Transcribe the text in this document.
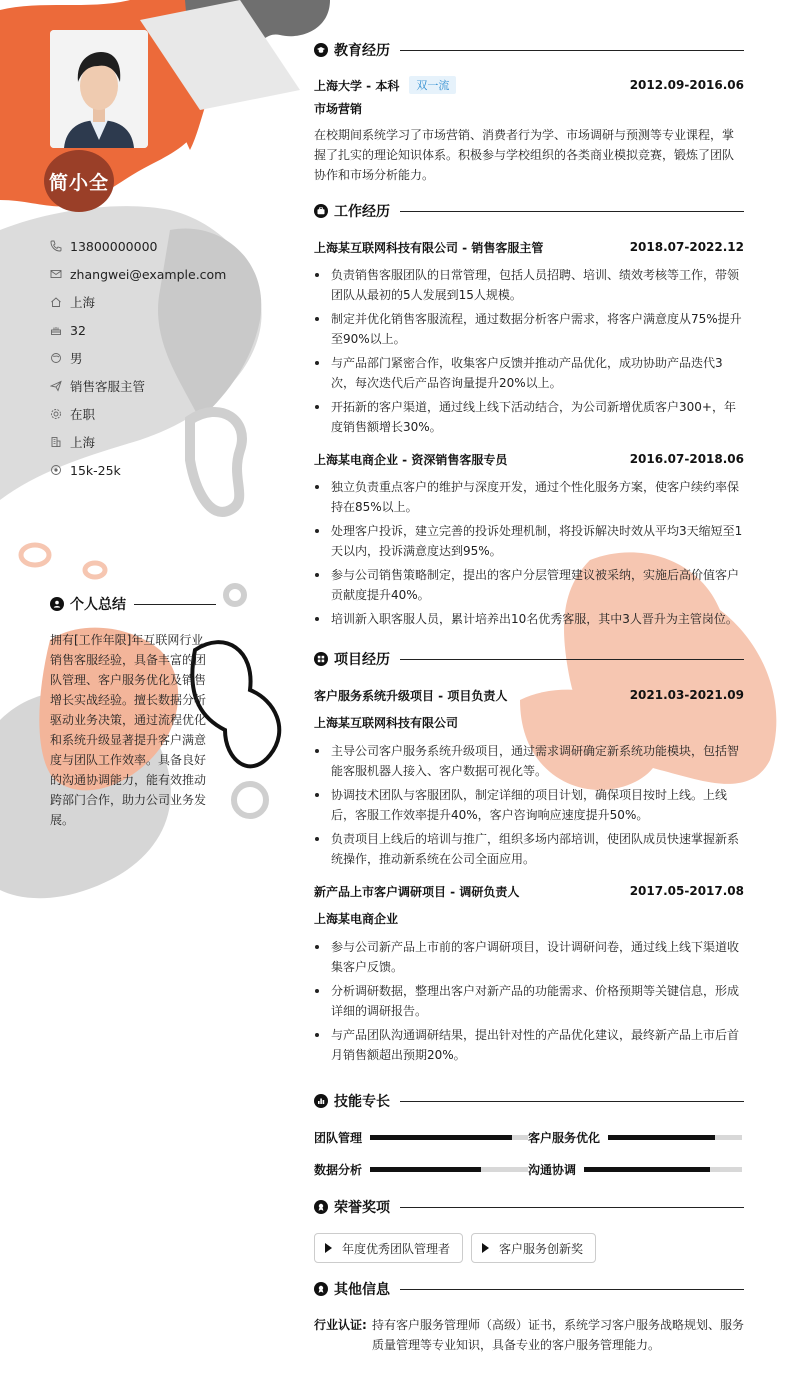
简小全
13800000000
zhangwei@example.com
上海
32
男
销售客服主管
在职
上海
15k-25k
个人总结

拥有[工作年限]年互联网行业销售客服经验，具备丰富的团队管理、客户服务优化及销售增长实战经验。擅长数据分析驱动业务决策，通过流程优化和系统升级显著提升客户满意度与团队工作效率。具备良好的沟通协调能力，能有效推动跨部门合作，助力公司业务发展。

教育经历
上海大学 - 本科	双一流	2012.09-2016.06
市场营销

在校期间系统学习了市场营销、消费者行为学、市场调研与预测等专业课程，掌握了扎实的理论知识体系。积极参与学校组织的各类商业模拟竞赛，锻炼了团队协作和市场分析能力。

工作经历
上海某互联网科技有限公司 - 销售客服主管	2018.07-2022.12
负责销售客服团队的日常管理，包括人员招聘、培训、绩效考核等工作，带领团队从最初的5人发展到15人规模。
制定并优化销售客服流程，通过数据分析客户需求，将客户满意度从75%提升至90%以上。
与产品部门紧密合作，收集客户反馈并推动产品优化，成功协助产品迭代3次，每次迭代后产品咨询量提升20%以上。
开拓新的客户渠道，通过线上线下活动结合，为公司新增优质客户300+，年度销售额增长30%。
上海某电商企业 - 资深销售客服专员	2016.07-2018.06
独立负责重点客户的维护与深度开发，通过个性化服务方案，使客户续约率保持在85%以上。
处理客户投诉，建立完善的投诉处理机制，将投诉解决时效从平均3天缩短至1天以内，投诉满意度达到95%。
参与公司销售策略制定，提出的客户分层管理建议被采纳，实施后高价值客户贡献度提升40%。
培训新入职客服人员，累计培养出10名优秀客服，其中3人晋升为主管岗位。
项目经历
客户服务系统升级项目 - 项目负责人	2021.03-2021.09
上海某互联网科技有限公司
主导公司客户服务系统升级项目，通过需求调研确定新系统功能模块，包括智能客服机器人接入、客户数据可视化等。
协调技术团队与客服团队，制定详细的项目计划，确保项目按时上线。上线后，客服工作效率提升40%，客户咨询响应速度提升50%。
负责项目上线后的培训与推广，组织多场内部培训，使团队成员快速掌握新系统操作，推动新系统在公司全面应用。
新产品上市客户调研项目 - 调研负责人	2017.05-2017.08
上海某电商企业
参与公司新产品上市前的客户调研项目，设计调研问卷，通过线上线下渠道收集客户反馈。
分析调研数据，整理出客户对新产品的功能需求、价格预期等关键信息，形成详细的调研报告。
与产品团队沟通调研结果，提出针对性的产品优化建议，最终新产品上市后首月销售额超出预期20%。
技能专长
团队管理	客户服务优化
数据分析	沟通协调
荣誉奖项
年度优秀团队管理者	客户服务创新奖
其他信息
行业认证: 持有客户服务管理师（高级）证书，系统学习客户服务战略规划、服务质量管理等专业知识，具备专业的客户服务管理能力。
